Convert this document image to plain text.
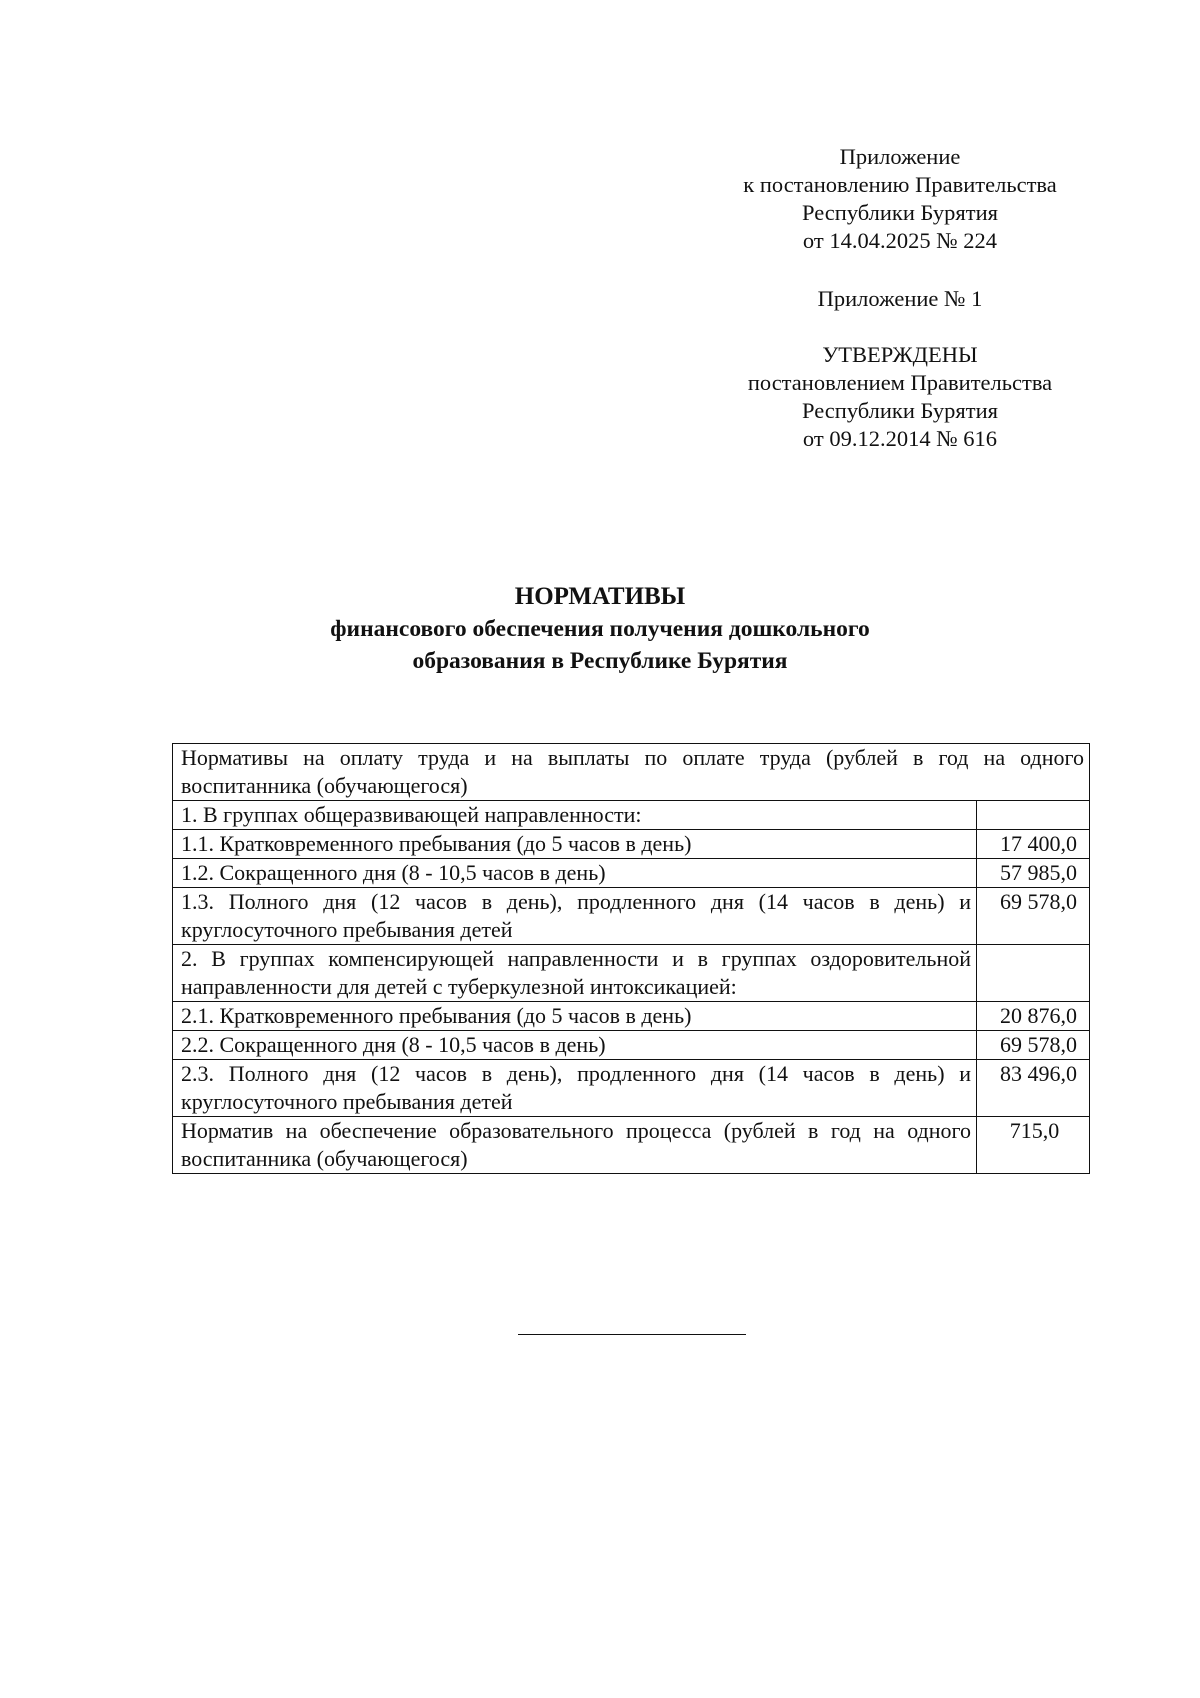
Приложение
к постановлению Правительства
Республики Бурятия
от 14.04.2025 № 224
Приложение № 1
УТВЕРЖДЕНЫ
постановлением Правительства
Республики Бурятия
от 09.12.2014 № 616
НОРМАТИВЫ
финансового обеспечения получения дошкольного
образования в Республике Бурятия
Нормативы на оплату труда и на выплаты по оплате труда (рублей в год на одного воспитанника (обучающегося)	
1. В группах общеразвивающей направленности:	
1.1. Кратковременного пребывания (до 5 часов в день)	17 400,0
1.2. Сокращенного дня (8 - 10,5 часов в день)	57 985,0
1.3. Полного дня (12 часов в день), продленного дня (14 часов в день) и круглосуточного пребывания детей	69 578,0
2. В группах компенсирующей направленности и в группах оздоровительной направленности для детей с туберкулезной интоксикацией:	
2.1. Кратковременного пребывания (до 5 часов в день)	20 876,0
2.2. Сокращенного дня (8 - 10,5 часов в день)	69 578,0
2.3. Полного дня (12 часов в день), продленного дня (14 часов в день) и круглосуточного пребывания детей	83 496,0
Норматив на обеспечение образовательного процесса (рублей в год на одного воспитанника (обучающегося)	715,0
